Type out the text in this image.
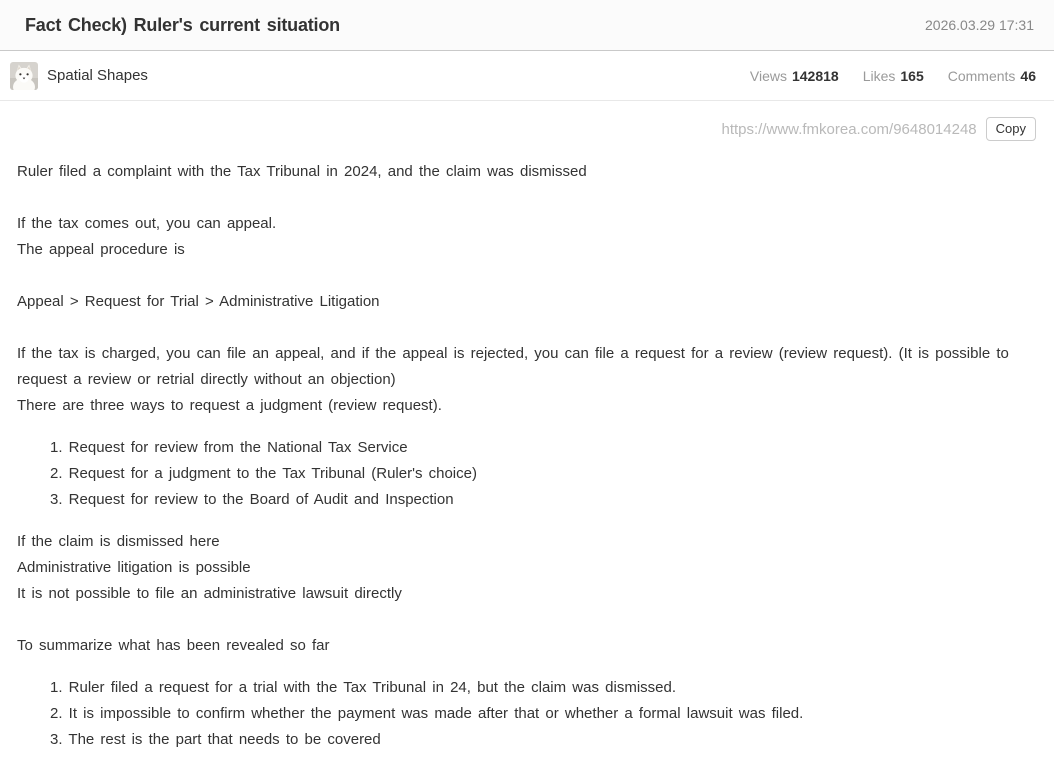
Fact Check) Ruler's current situation	2026.03.29 17:31
Spatial Shapes	Views 142818 Likes 165 Comments 46
https://www.fmkorea.com/9648014248	Copy
Ruler filed a complaint with the Tax Tribunal in 2024, and the claim was dismissed
If the tax comes out, you can appeal.
The appeal procedure is
Appeal > Request for Trial > Administrative Litigation
If the tax is charged, you can file an appeal, and if the appeal is rejected, you can file a request for a review (review request). (It is possible to request a review or retrial directly without an objection)
There are three ways to request a judgment (review request).
1. Request for review from the National Tax Service
2. Request for a judgment to the Tax Tribunal (Ruler's choice)
3. Request for review to the Board of Audit and Inspection
If the claim is dismissed here
Administrative litigation is possible
It is not possible to file an administrative lawsuit directly
To summarize what has been revealed so far
1. Ruler filed a request for a trial with the Tax Tribunal in 24, but the claim was dismissed.
2. It is impossible to confirm whether the payment was made after that or whether a formal lawsuit was filed.
3. The rest is the part that needs to be covered
